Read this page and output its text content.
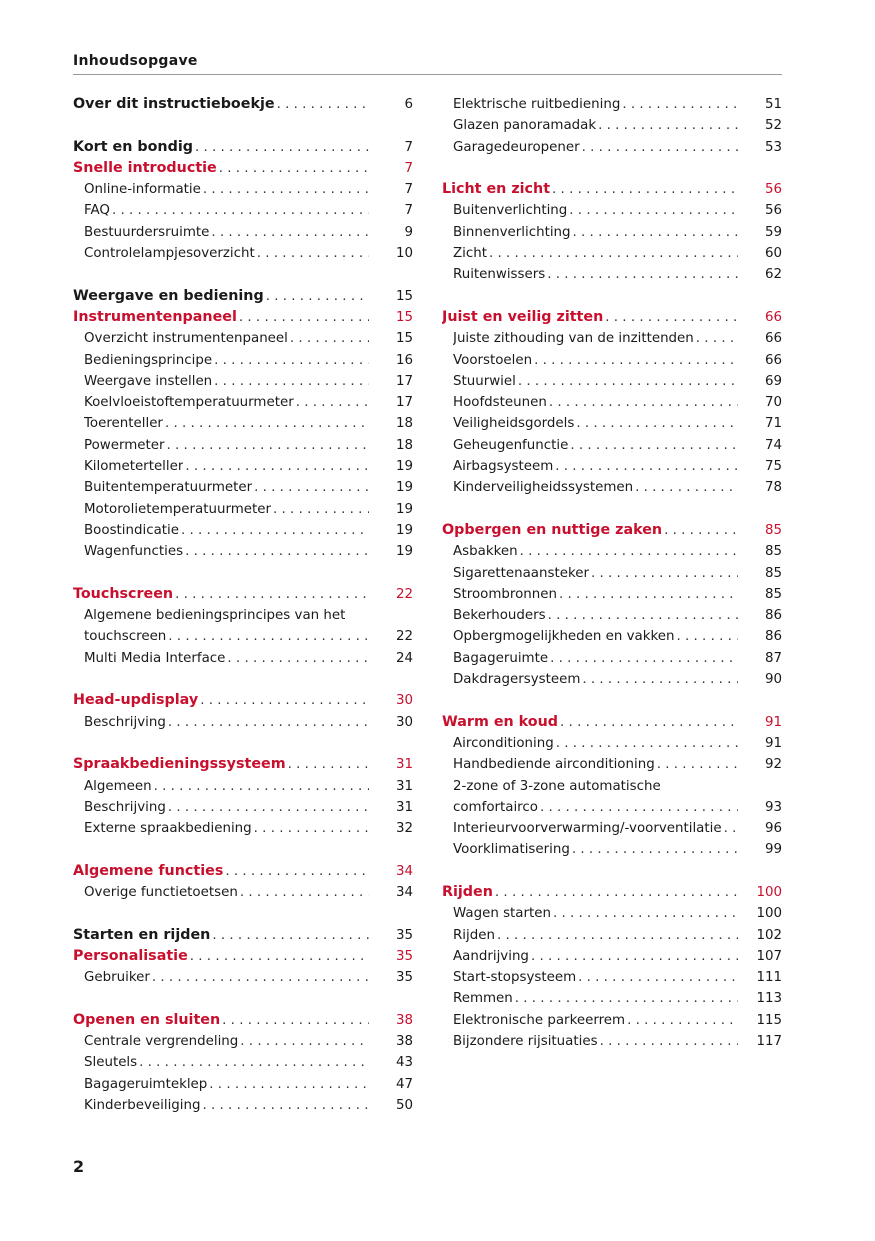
Inhoudsopgave
Over dit instructieboekje . . .	6
Kort en bondig . . .	7
Snelle introductie . . .	7
Online-informatie . . .	7
FAQ . . .	7
Bestuurdersruimte . . .	9
Controlelampjesoverzicht . . .	10
Weergave en bediening . . .	15
Instrumentenpaneel . . .	15
Overzicht instrumentenpaneel . . .	15
Bedieningsprincipe . . .	16
Weergave instellen . . .	17
Koelvloeistoftemperatuurmeter . . .	17
Toerenteller . . .	18
Powermeter . . .	18
Kilometerteller . . .	19
Buitentemperatuurmeter . . .	19
Motorolietemperatuurmeter . . .	19
Boostindicatie . . .	19
Wagenfuncties . . .	19
Touchscreen . . .	22
Algemene bedieningsprincipes van het
touchscreen . . .	22
Multi Media Interface . . .	24
Head-updisplay . . .	30
Beschrijving . . .	30
Spraakbedieningssysteem . . .	31
Algemeen . . .	31
Beschrijving . . .	31
Externe spraakbediening . . .	32
Algemene functies . . .	34
Overige functietoetsen . . .	34
Starten en rijden . . .	35
Personalisatie . . .	35
Gebruiker . . .	35
Openen en sluiten . . .	38
Centrale vergrendeling . . .	38
Sleutels . . .	43
Bagageruimteklep . . .	47
Kinderbeveiliging . . .	50
Elektrische ruitbediening . . .	51
Glazen panoramadak . . .	52
Garagedeuropener . . .	53
Licht en zicht . . .	56
Buitenverlichting . . .	56
Binnenverlichting . . .	59
Zicht . . .	60
Ruitenwissers . . .	62
Juist en veilig zitten . . .	66
Juiste zithouding van de inzittenden . . .	66
Voorstoelen . . .	66
Stuurwiel . . .	69
Hoofdsteunen . . .	70
Veiligheidsgordels . . .	71
Geheugenfunctie . . .	74
Airbagsysteem . . .	75
Kinderveiligheidssystemen . . .	78
Opbergen en nuttige zaken . . .	85
Asbakken . . .	85
Sigarettenaansteker . . .	85
Stroombronnen . . .	85
Bekerhouders . . .	86
Opbergmogelijkheden en vakken . . .	86
Bagageruimte . . .	87
Dakdragersysteem . . .	90
Warm en koud . . .	91
Airconditioning . . .	91
Handbediende airconditioning . . .	92
2-zone of 3-zone automatische
comfortairco . . .	93
Interieurvoorverwarming/-voorventilatie . . .	96
Voorklimatisering . . .	99
Rijden . . .	100
Wagen starten . . .	100
Rijden . . .	102
Aandrijving . . .	107
Start-stopsysteem . . .	111
Remmen . . .	113
Elektronische parkeerrem . . .	115
Bijzondere rijsituaties . . .	117
2
